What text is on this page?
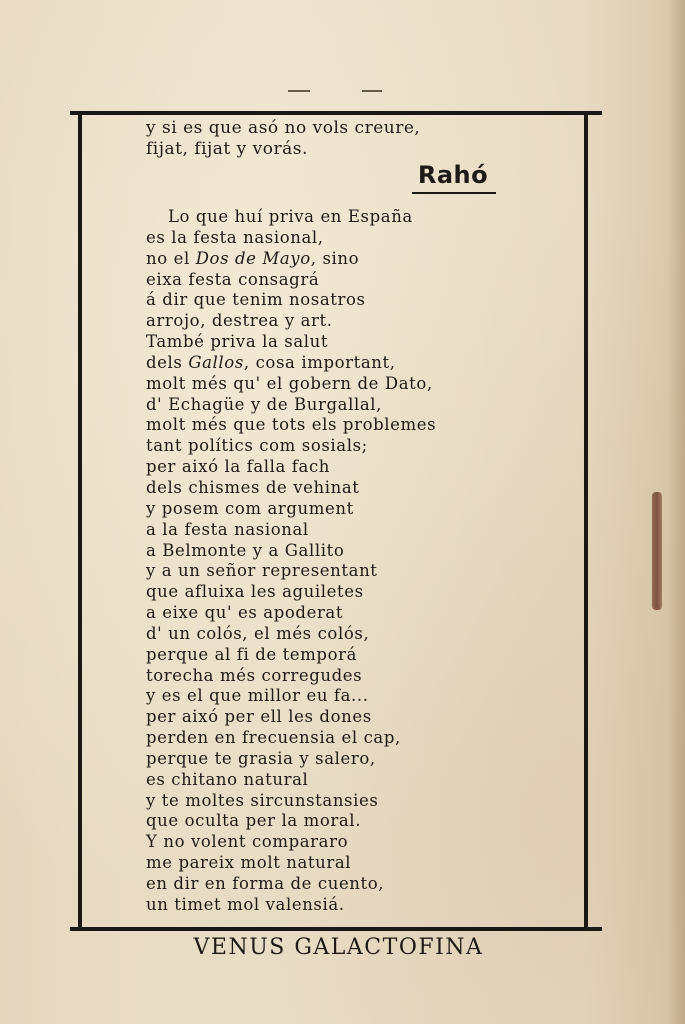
y si es que asó no vols creure,
fijat, fijat y vorás.
Rahó
Lo que huí priva en España
es la festa nasional,
no el Dos de Mayo, sino
eixa festa consagrá
á dir que tenim nosatros
arrojo, destrea y art.
També priva la salut
dels Gallos, cosa important,
molt més qu' el gobern de Dato,
d' Echagüe y de Burgallal,
molt més que tots els problemes
tant polítics com sosials;
per aixó la falla fach
dels chismes de vehinat
y posem com argument
a la festa nasional
a Belmonte y a Gallito
y a un señor representant
que afluixa les aguiletes
a eixe qu' es apoderat
d' un colós, el més colós,
perque al fi de temporá
torecha més corregudes
y es el que millor eu fa...
per aixó per ell les dones
perden en frecuensia el cap,
perque te grasia y salero,
es chitano natural
y te moltes sircunstansies
que oculta per la moral.
Y no volent compararo
me pareix molt natural
en dir en forma de cuento,
un timet mol valensiá.
VENUS GALACTOFINA
